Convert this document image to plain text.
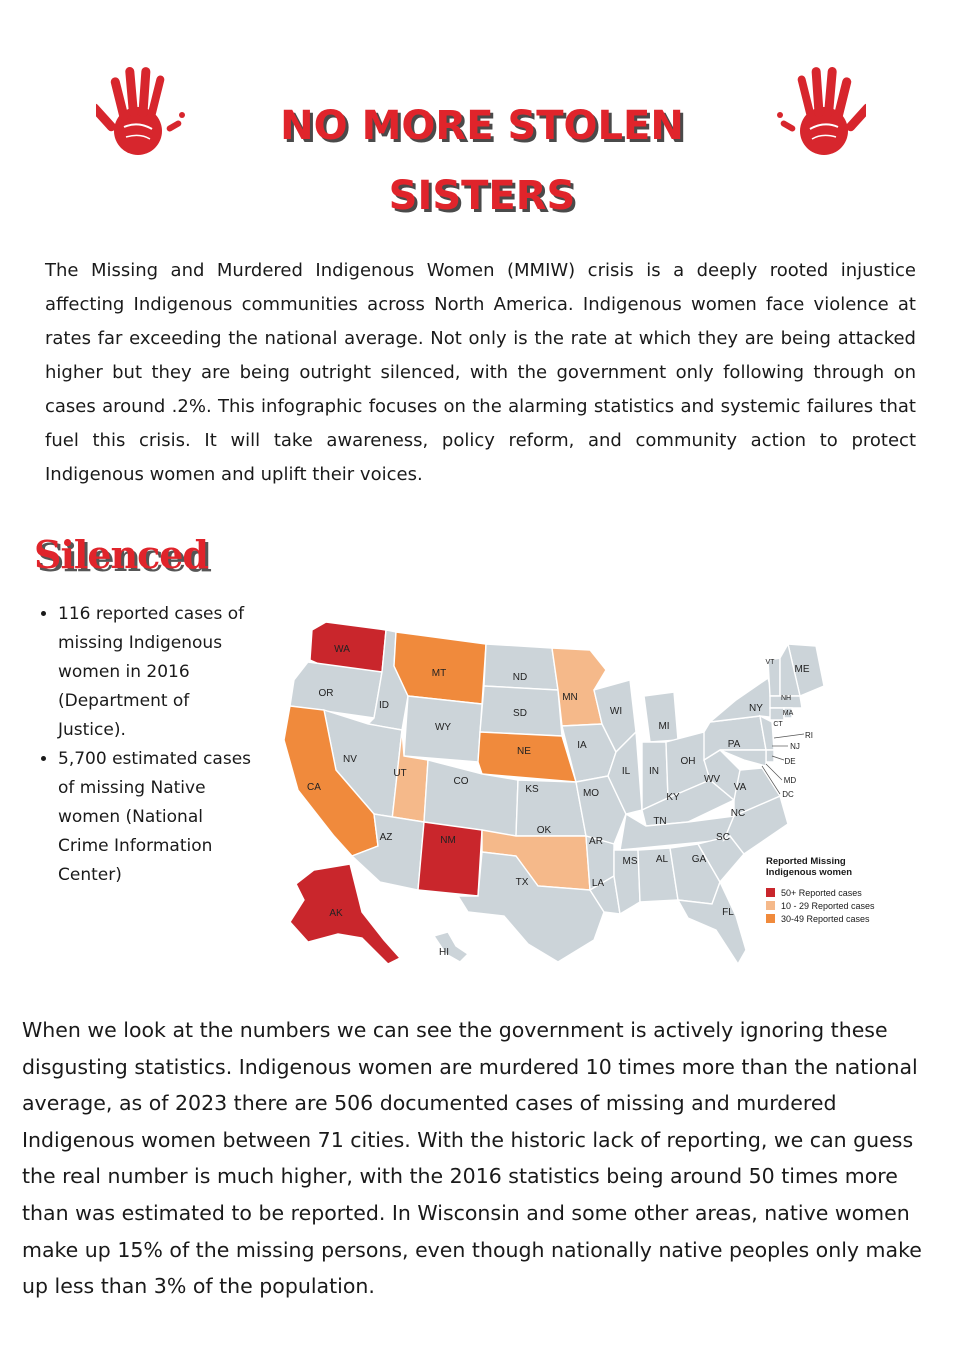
NO MORE STOLEN
SISTERS

The Missing and Murdered Indigenous Women (MMIW) crisis is a deeply rooted injustice affecting Indigenous communities across North America. Indigenous women face violence at rates far exceeding the national average. Not only is the rate at which they are being attacked higher but they are being outright silenced, with the government only following through on cases around .2%. This infographic focuses on the alarming statistics and systemic failures that fuel this crisis. It will take awareness, policy reform, and community action to protect Indigenous women and uplift their voices.

Silenced
• 116 reported cases of missing Indigenous women in 2016 (Department of Justice).
• 5,700 estimated cases of missing Native women (National Crime Information Center)
WA
OR
ID
MT
WY
ND
SD
MN
NE
NV
UT
CO
CA
AZ	NM
KS
OK
TX
IA
MO
AR
LA
WI
IL
MI
IN
OH
KY
TN
MS AL GA
FL
SC
NC
VA
WV
PA
NY
ME
VT
NH
MA
CT
RI
NJ
DE
MD
DC
AK
HI

Reported Missing
Indigenous women

50+ Reported cases
10 - 29 Reported cases
30-49 Reported cases

When we look at the numbers we can see the government is actively ignoring these disgusting statistics. Indigenous women are murdered 10 times more than the national average, as of 2023 there are 506 documented cases of missing and murdered Indigenous women between 71 cities. With the historic lack of reporting, we can guess the real number is much higher, with the 2016 statistics being around 50 times more than was estimated to be reported. In Wisconsin and some other areas, native women make up 15% of the missing persons, even though nationally native peoples only make up less than 3% of the population.
